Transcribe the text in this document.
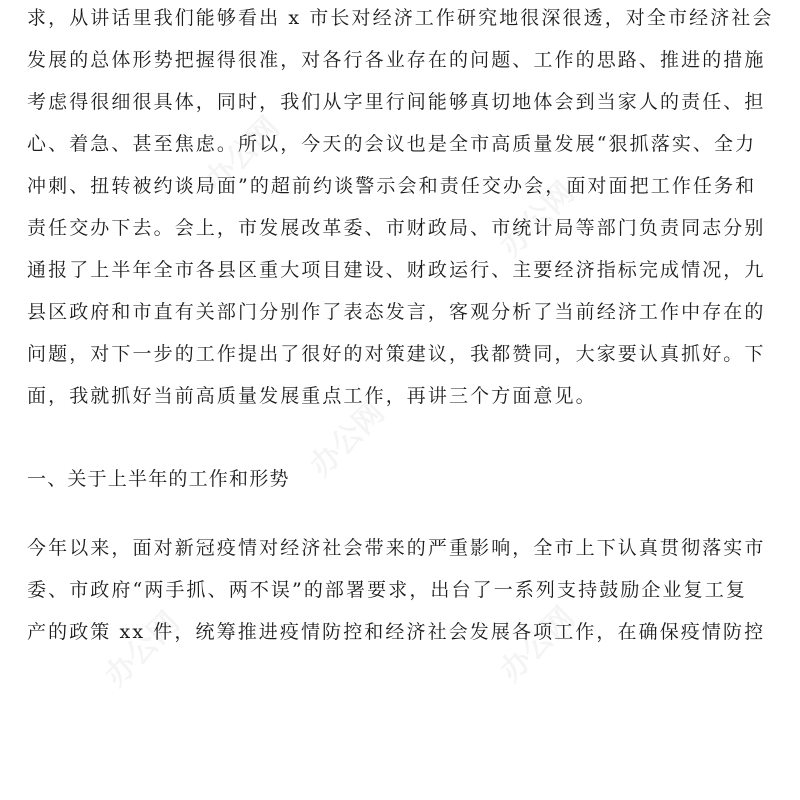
办公网
办公网
办公网
办公网	办公网
求，从讲话里我们能够看出 x 市长对经济工作研究地很深很透，对全市经济社会
发展的总体形势把握得很准，对各行各业存在的问题、工作的思路、推进的措施
考虑得很细很具体，同时，我们从字里行间能够真切地体会到当家人的责任、担
心、着急、甚至焦虑。所以，今天的会议也是全市高质量发展“狠抓落实、全力
冲刺、扭转被约谈局面”的超前约谈警示会和责任交办会，面对面把工作任务和
责任交办下去。会上，市发展改革委、市财政局、市统计局等部门负责同志分别
通报了上半年全市各县区重大项目建设、财政运行、主要经济指标完成情况，九
县区政府和市直有关部门分别作了表态发言，客观分析了当前经济工作中存在的
问题，对下一步的工作提出了很好的对策建议，我都赞同，大家要认真抓好。下
面，我就抓好当前高质量发展重点工作，再讲三个方面意见。
一、关于上半年的工作和形势
今年以来，面对新冠疫情对经济社会带来的严重影响，全市上下认真贯彻落实市
委、市政府“两手抓、两不误”的部署要求，出台了一系列支持鼓励企业复工复
产的政策 xx 件，统筹推进疫情防控和经济社会发展各项工作，在确保疫情防控
